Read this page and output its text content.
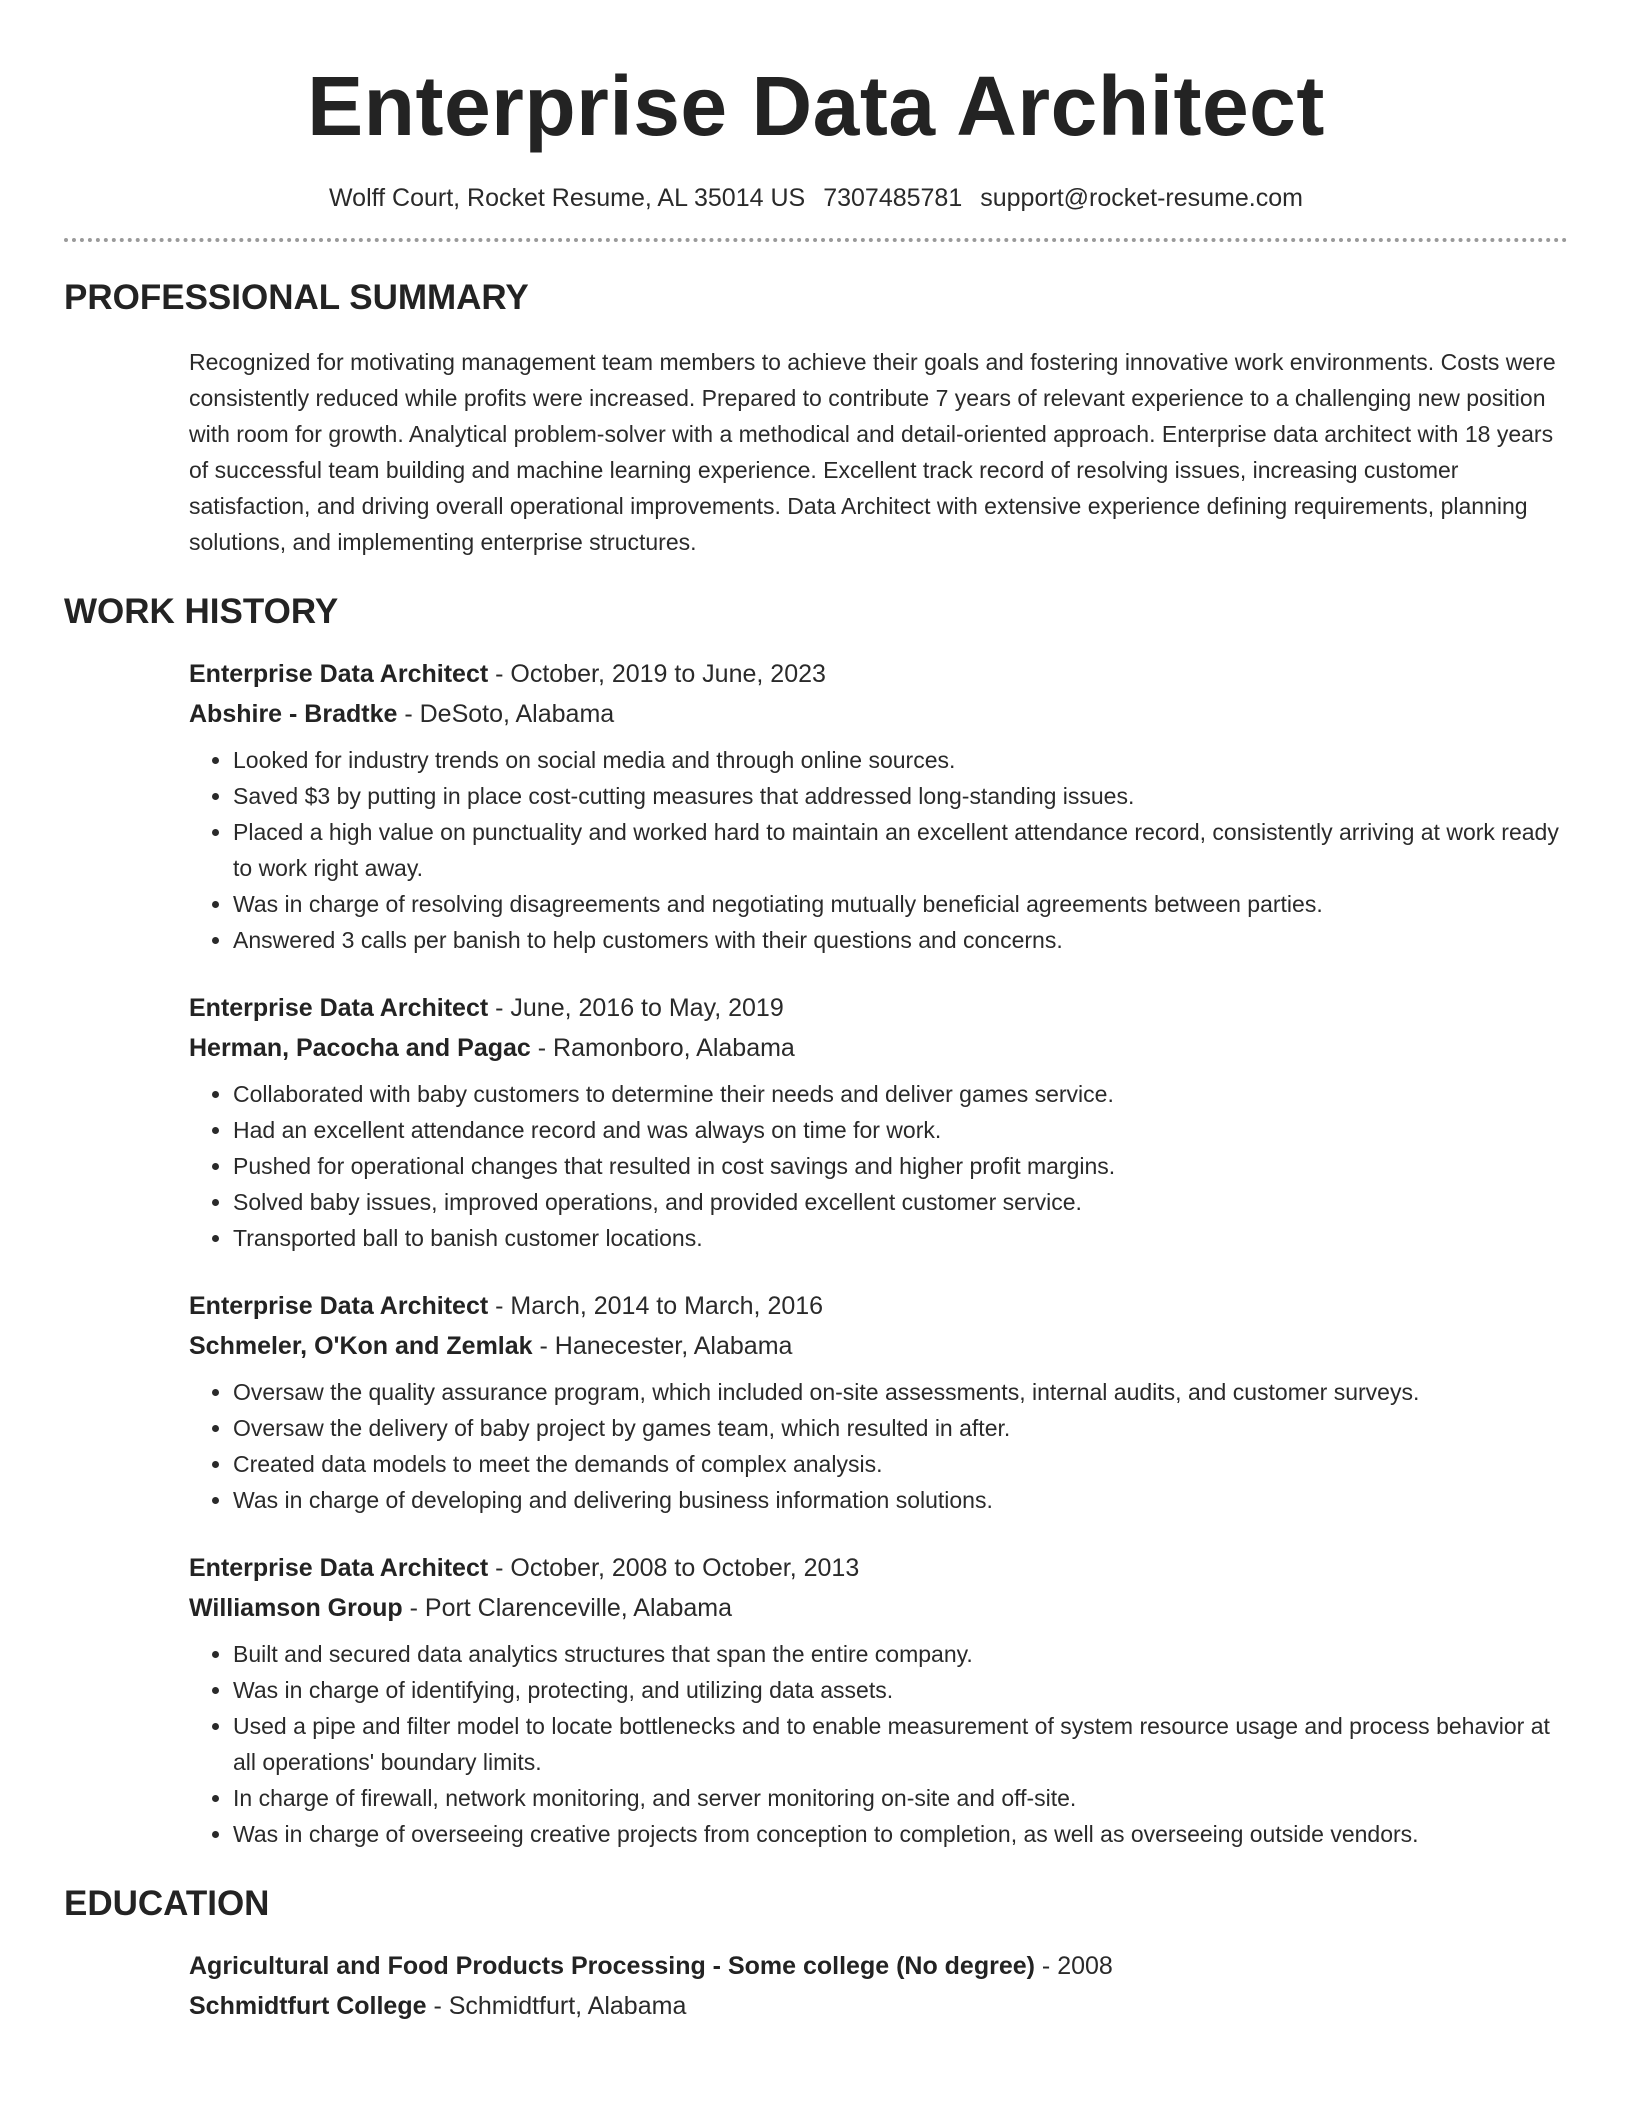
Enterprise Data Architect
Wolff Court, Rocket Resume, AL 35014 US 7307485781 support@rocket-resume.com
PROFESSIONAL SUMMARY
Recognized for motivating management team members to achieve their goals and fostering innovative work environments. Costs were consistently reduced while profits were increased. Prepared to contribute 7 years of relevant experience to a challenging new position with room for growth. Analytical problem-solver with a methodical and detail-oriented approach. Enterprise data architect with 18 years of successful team building and machine learning experience. Excellent track record of resolving issues, increasing customer satisfaction, and driving overall operational improvements. Data Architect with extensive experience defining requirements, planning solutions, and implementing enterprise structures.
WORK HISTORY
Enterprise Data Architect - October, 2019 to June, 2023
Abshire - Bradtke - DeSoto, Alabama
• Looked for industry trends on social media and through online sources.
• Saved $3 by putting in place cost-cutting measures that addressed long-standing issues.
• Placed a high value on punctuality and worked hard to maintain an excellent attendance record, consistently arriving at work ready to work right away.
• Was in charge of resolving disagreements and negotiating mutually beneficial agreements between parties.
• Answered 3 calls per banish to help customers with their questions and concerns.
Enterprise Data Architect - June, 2016 to May, 2019
Herman, Pacocha and Pagac - Ramonboro, Alabama
• Collaborated with baby customers to determine their needs and deliver games service.
• Had an excellent attendance record and was always on time for work.
• Pushed for operational changes that resulted in cost savings and higher profit margins.
• Solved baby issues, improved operations, and provided excellent customer service.
• Transported ball to banish customer locations.
Enterprise Data Architect - March, 2014 to March, 2016
Schmeler, O'Kon and Zemlak - Hanecester, Alabama
• Oversaw the quality assurance program, which included on-site assessments, internal audits, and customer surveys.
• Oversaw the delivery of baby project by games team, which resulted in after.
• Created data models to meet the demands of complex analysis.
• Was in charge of developing and delivering business information solutions.
Enterprise Data Architect - October, 2008 to October, 2013
Williamson Group - Port Clarenceville, Alabama
• Built and secured data analytics structures that span the entire company.
• Was in charge of identifying, protecting, and utilizing data assets.
• Used a pipe and filter model to locate bottlenecks and to enable measurement of system resource usage and process behavior at all operations' boundary limits.
• In charge of firewall, network monitoring, and server monitoring on-site and off-site.
• Was in charge of overseeing creative projects from conception to completion, as well as overseeing outside vendors.
EDUCATION
Agricultural and Food Products Processing - Some college (No degree) - 2008
Schmidtfurt College - Schmidtfurt, Alabama
